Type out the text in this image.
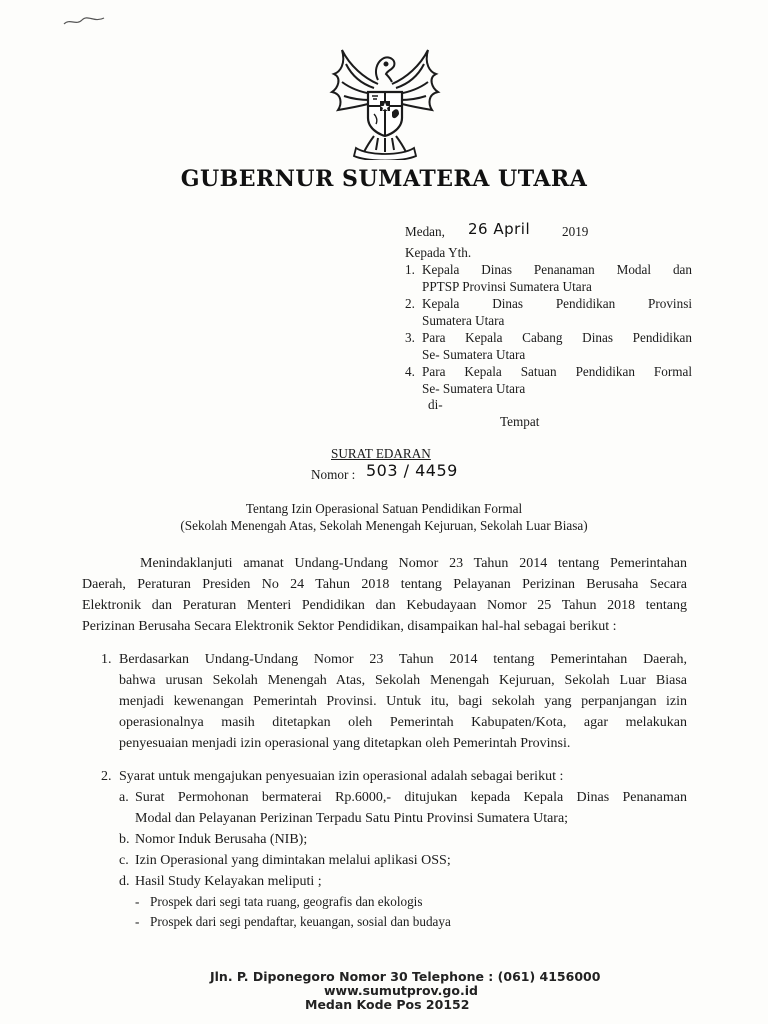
GUBERNUR SUMATERA UTARA
Medan, 26 April 2019
Kepada Yth.
1. Kepala Dinas Penanaman Modal dan
PPTSP Provinsi Sumatera Utara
2. Kepala Dinas Pendidikan Provinsi
Sumatera Utara
3. Para Kepala Cabang Dinas Pendidikan
Se- Sumatera Utara
4. Para Kepala Satuan Pendidikan Formal
Se- Sumatera Utara
di-
Tempat
SURAT EDARAN
Nomor : 503 / 4459
Tentang Izin Operasional Satuan Pendidikan Formal
(Sekolah Menengah Atas, Sekolah Menengah Kejuruan, Sekolah Luar Biasa)
Menindaklanjuti amanat Undang-Undang Nomor 23 Tahun 2014 tentang Pemerintahan
Daerah, Peraturan Presiden No 24 Tahun 2018 tentang Pelayanan Perizinan Berusaha Secara
Elektronik dan Peraturan Menteri Pendidikan dan Kebudayaan Nomor 25 Tahun 2018 tentang
Perizinan Berusaha Secara Elektronik Sektor Pendidikan, disampaikan hal-hal sebagai berikut :
1. Berdasarkan Undang-Undang Nomor 23 Tahun 2014 tentang Pemerintahan Daerah,
bahwa urusan Sekolah Menengah Atas, Sekolah Menengah Kejuruan, Sekolah Luar Biasa
menjadi kewenangan Pemerintah Provinsi. Untuk itu, bagi sekolah yang perpanjangan izin
operasionalnya masih ditetapkan oleh Pemerintah Kabupaten/Kota, agar melakukan
penyesuaian menjadi izin operasional yang ditetapkan oleh Pemerintah Provinsi.
2. Syarat untuk mengajukan penyesuaian izin operasional adalah sebagai berikut :
a. Surat Permohonan bermaterai Rp.6000,- ditujukan kepada Kepala Dinas Penanaman
Modal dan Pelayanan Perizinan Terpadu Satu Pintu Provinsi Sumatera Utara;
b. Nomor Induk Berusaha (NIB);
c. Izin Operasional yang dimintakan melalui aplikasi OSS;
d. Hasil Study Kelayakan meliputi ;
- Prospek dari segi tata ruang, geografis dan ekologis
- Prospek dari segi pendaftar, keuangan, sosial dan budaya
Jln. P. Diponegoro Nomor 30 Telephone : (061) 4156000
www.sumutprov.go.id
Medan Kode Pos 20152
